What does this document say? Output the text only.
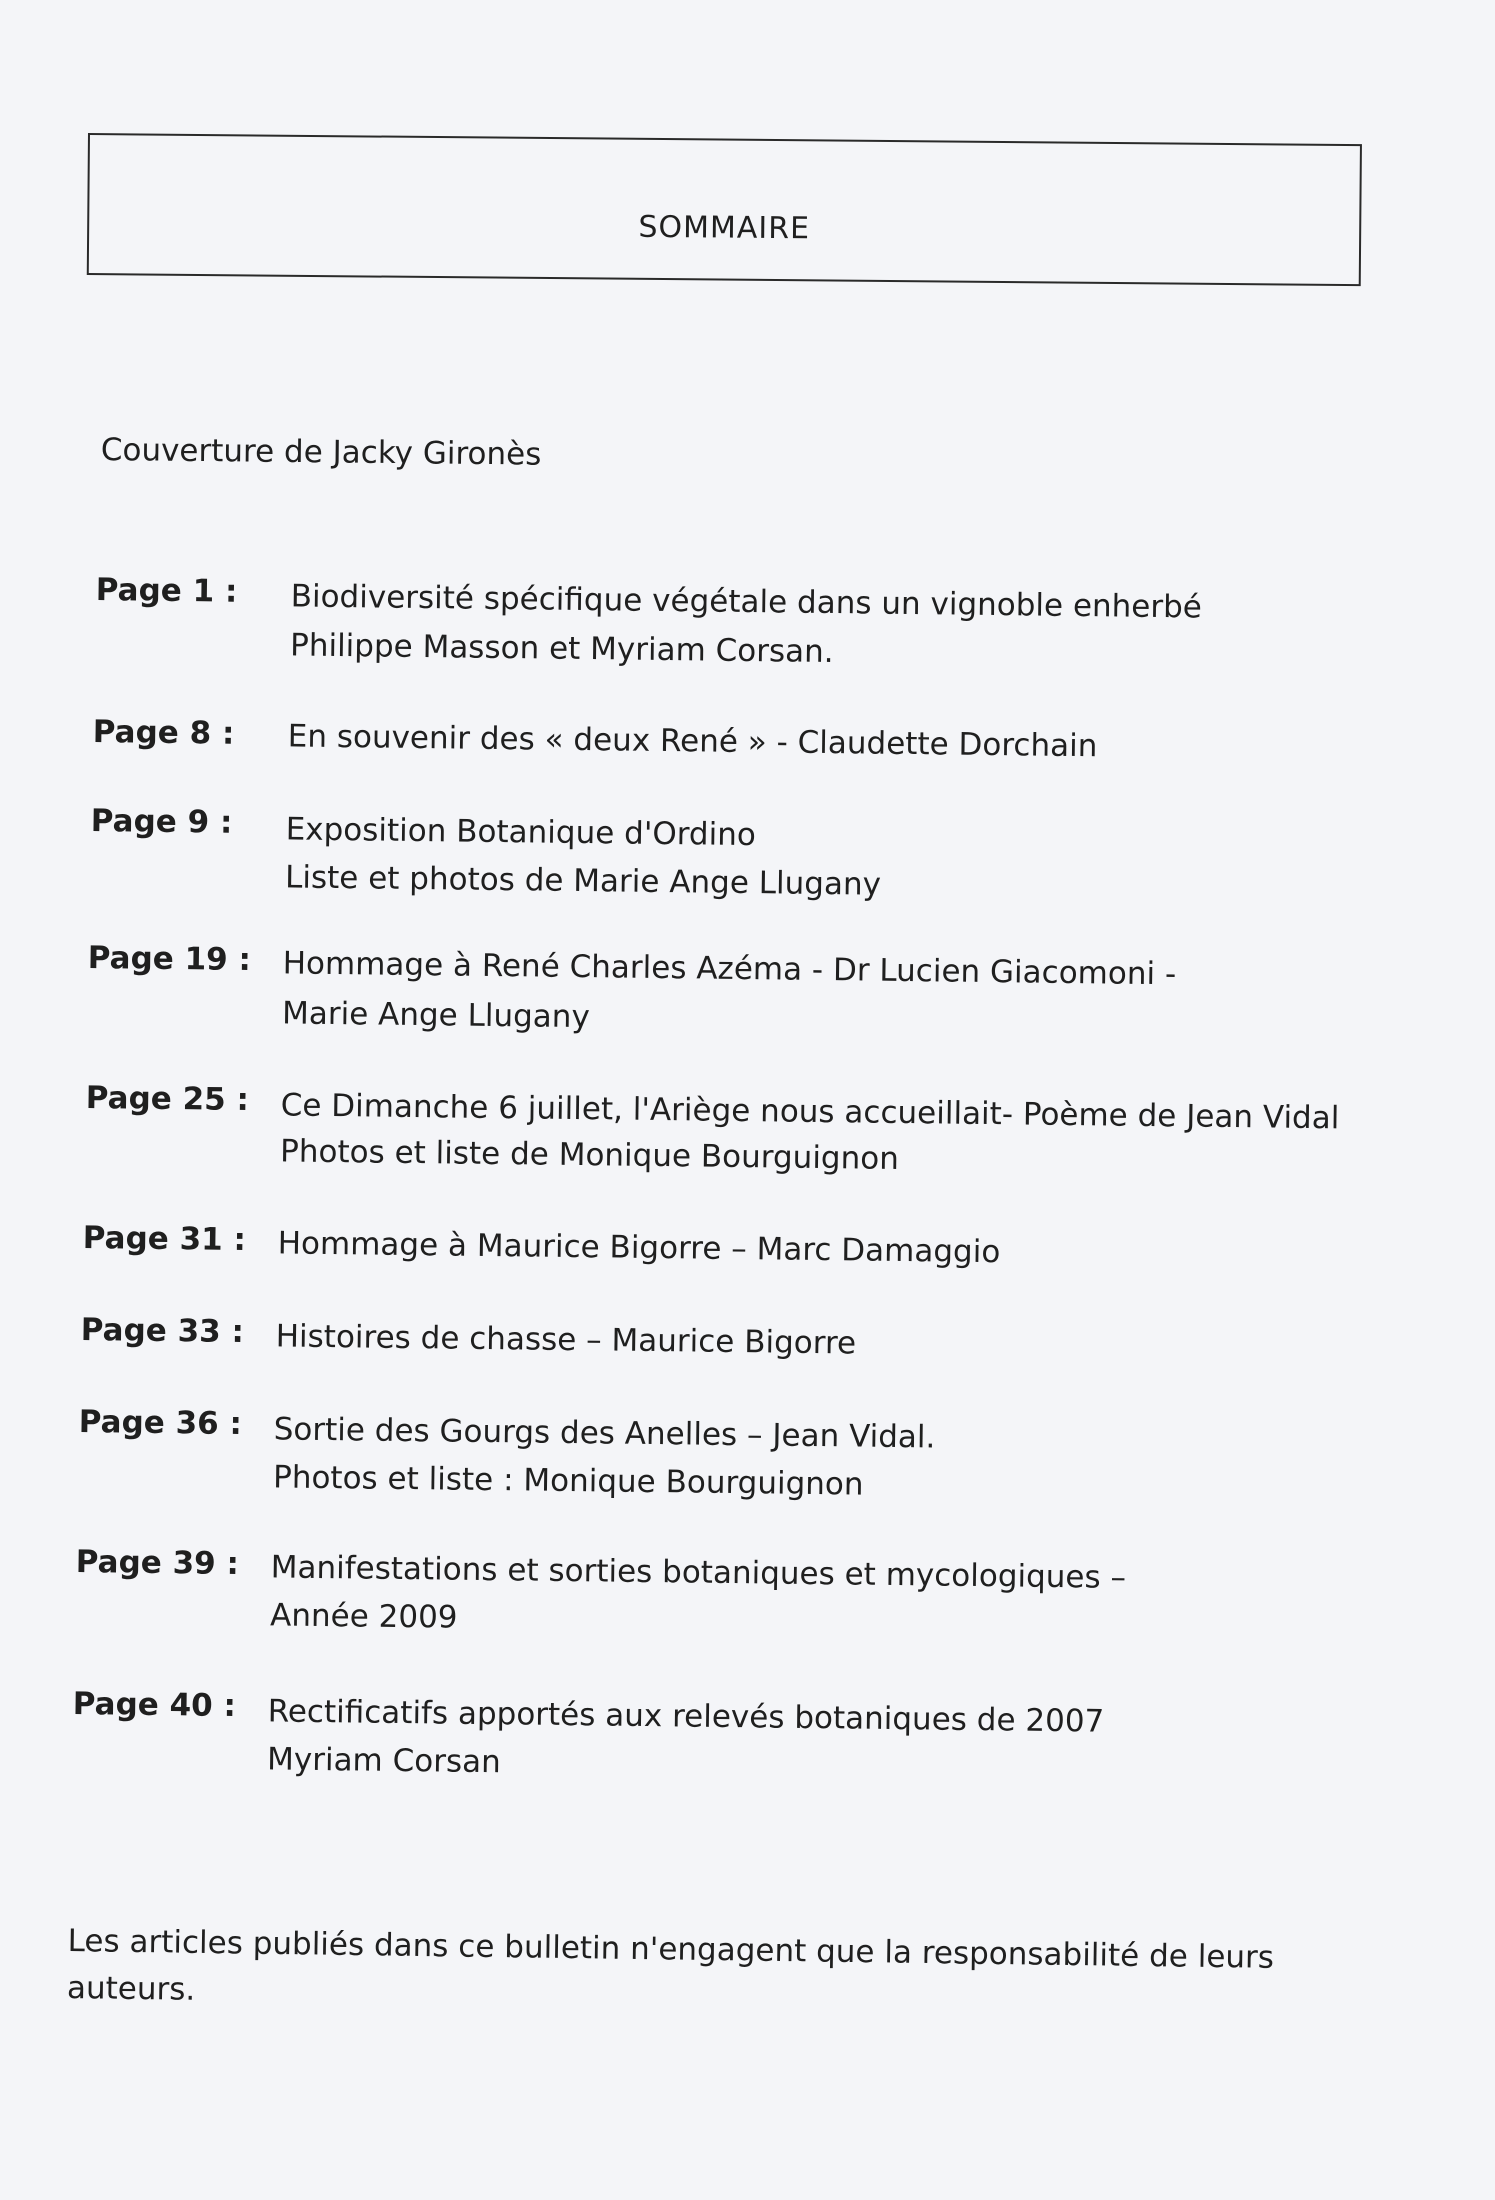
SOMMAIRE
Couverture de Jacky Gironès
Page 1 : Biodiversité spécifique végétale dans un vignoble enherbé
Philippe Masson et Myriam Corsan.
Page 8 : En souvenir des « deux René » - Claudette Dorchain
Page 9 : Exposition Botanique d'Ordino
Liste et photos de Marie Ange Llugany
Page 19 : Hommage à René Charles Azéma - Dr Lucien Giacomoni -
Marie Ange Llugany
Page 25 : Ce Dimanche 6 juillet, l'Ariège nous accueillait- Poème de Jean Vidal
Photos et liste de Monique Bourguignon
Page 31 : Hommage à Maurice Bigorre – Marc Damaggio
Page 33 : Histoires de chasse – Maurice Bigorre
Page 36 : Sortie des Gourgs des Anelles – Jean Vidal.
Photos et liste : Monique Bourguignon
Page 39 : Manifestations et sorties botaniques et mycologiques –
Année 2009
Page 40 : Rectificatifs apportés aux relevés botaniques de 2007
Myriam Corsan
Les articles publiés dans ce bulletin n'engagent que la responsabilité de leurs auteurs.
